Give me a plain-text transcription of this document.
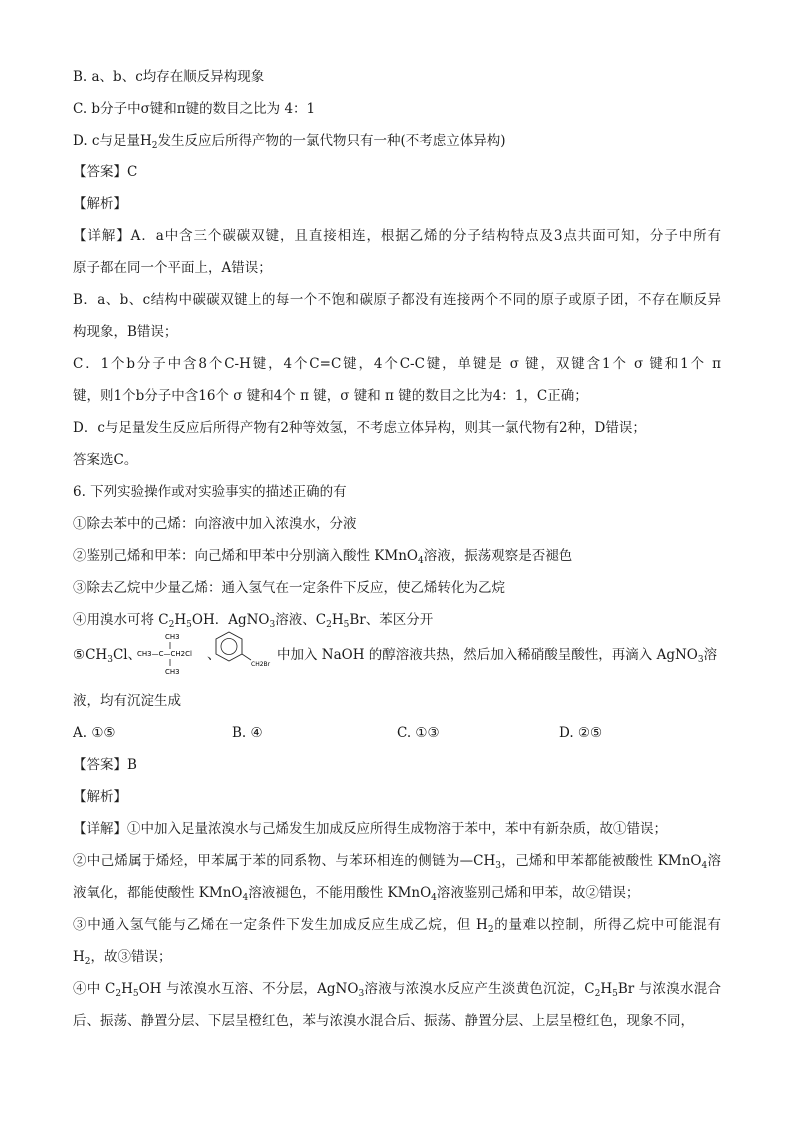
B. a、b、c均存在顺反异构现象
C. b分子中σ键和π键的数目之比为 4：1
D. c与足量$H_2$发生反应后所得产物的一氯代物只有一种(不考虑立体异构)
【答案】C
【解析】
【详解】A．a中含三个碳碳双键，且直接相连，根据乙烯的分子结构特点及3点共面可知，分子中所有
原子都在同一个平面上，A错误；
B．a、b、c结构中碳碳双键上的每一个不饱和碳原子都没有连接两个不同的原子或原子团，不存在顺反异
构现象，B错误；
C．1个b分子中含8个C-H键，4个C=C键，4个C-C键，单键是 σ 键，双键含1个 σ 键和1个 π
键，则1个b分子中含16个 σ 键和4个 π 键，σ 键和 π 键的数目之比为4：1，C正确；
D．c与足量发生反应后所得产物有2种等效氢，不考虑立体异构，则其一氯代物有2种，D错误；
答案选C。
6. 下列实验操作或对实验事实的描述正确的有
①除去苯中的己烯：向溶液中加入浓溴水，分液
②鉴别己烯和甲苯：向己烯和甲苯中分别滴入酸性 KMnO$_4$溶液，振荡观察是否褪色
③除去乙烷中少量乙烯：通入氢气在一定条件下反应，使乙烯转化为乙烷
④用溴水可将 $C_2H_5OH$．AgNO$_3$溶液、$C_2H_5Br$、苯区分开
$⑤CH_3Cl$、
CH3
CH3—C—CH2Cl
CH3
、
CH2Br
中加入 NaOH 的醇溶液共热，然后加入稀硝酸呈酸性，再滴入 AgNO$_3$溶
液，均有沉淀生成
A. ①⑤	B. ④	C. ①③	D. ②⑤
【答案】B
【解析】
【详解】①中加入足量浓溴水与己烯发生加成反应所得生成物溶于苯中，苯中有新杂质，故①错误；
②中己烯属于烯烃，甲苯属于苯的同系物、与苯环相连的侧链为$—CH_3$，己烯和甲苯都能被酸性 KMnO$_4$溶
液氧化，都能使酸性 KMnO$_4$溶液褪色，不能用酸性 KMnO$_4$溶液鉴别己烯和甲苯，故②错误；
③中通入氢气能与乙烯在一定条件下发生加成反应生成乙烷，但 $H_2$的量难以控制，所得乙烷中可能混有
$H_2$，故③错误；
④中 $C_2H_5OH$ 与浓溴水互溶、不分层，AgNO$_3$溶液与浓溴水反应产生淡黄色沉淀，$C_2H_5Br$ 与浓溴水混合
后、振荡、静置分层、下层呈橙红色，苯与浓溴水混合后、振荡、静置分层、上层呈橙红色，现象不同，
